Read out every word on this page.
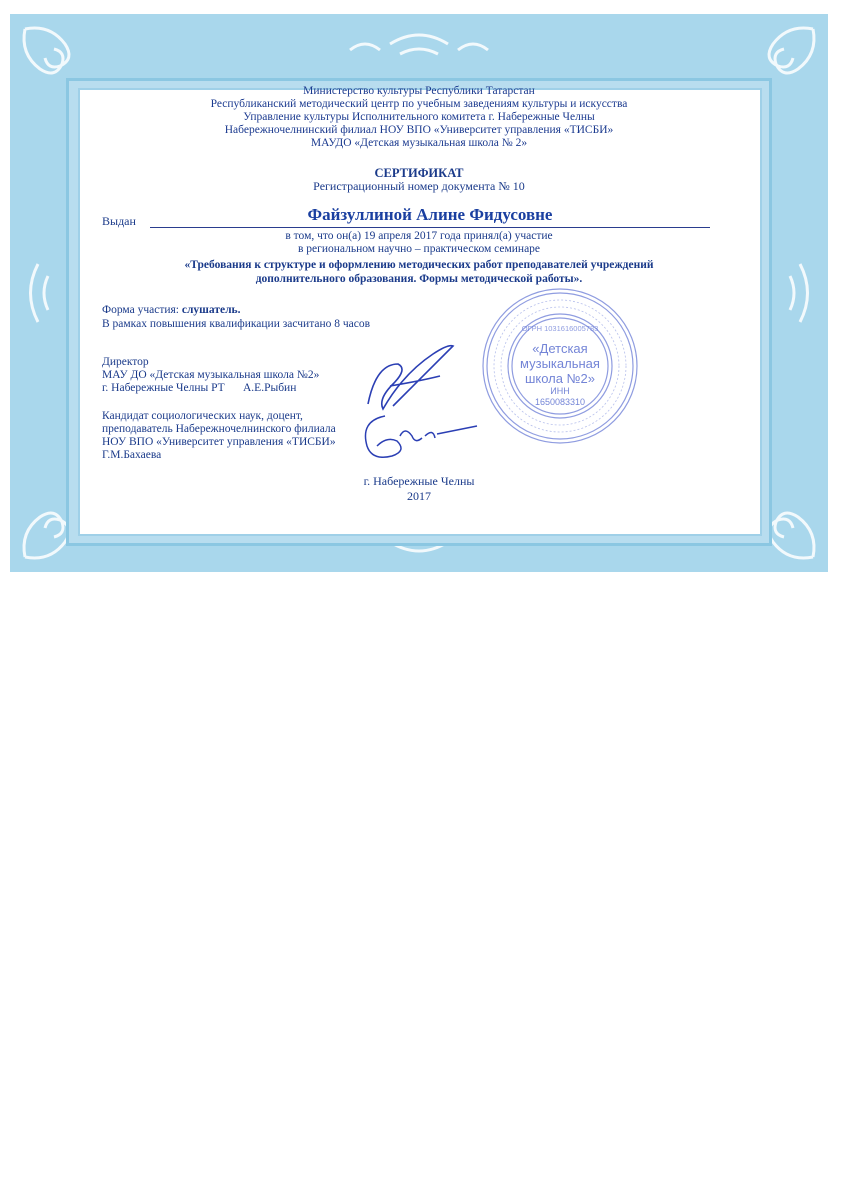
Министерство культуры Республики Татарстан
Республиканский методический центр по учебным заведениям культуры и искусства
Управление культуры Исполнительного комитета г. Набережные Челны
Набережночелнинский филиал НОУ ВПО «Университет управления «ТИСБИ»
МАУДО «Детская музыкальная школа № 2»
СЕРТИФИКАТ
Регистрационный номер документа № 10
Выдан	Файзуллиной Алине Фидусовне
в том, что он(а) 19 апреля 2017 года принял(а) участие
в региональном научно – практическом семинаре
«Требования к структуре и оформлению методических работ преподавателей учреждений
дополнительного образования. Формы методической работы».
Форма участия: слушатель.
В рамках повышения квалификации засчитано 8 часов
Директор
МАУ ДО «Детская музыкальная школа №2»
г. Набережные Челны РТ А.Е.Рыбин
Кандидат социологических наук, доцент,
преподаватель Набережночелнинского филиала
НОУ ВПО «Университет управления «ТИСБИ»
Г.М.Бахаева
г. Набережные Челны
2017
«Детская
музыкальная
школа №2»
ИНН
1650083310
ОГРН 1031616005783
